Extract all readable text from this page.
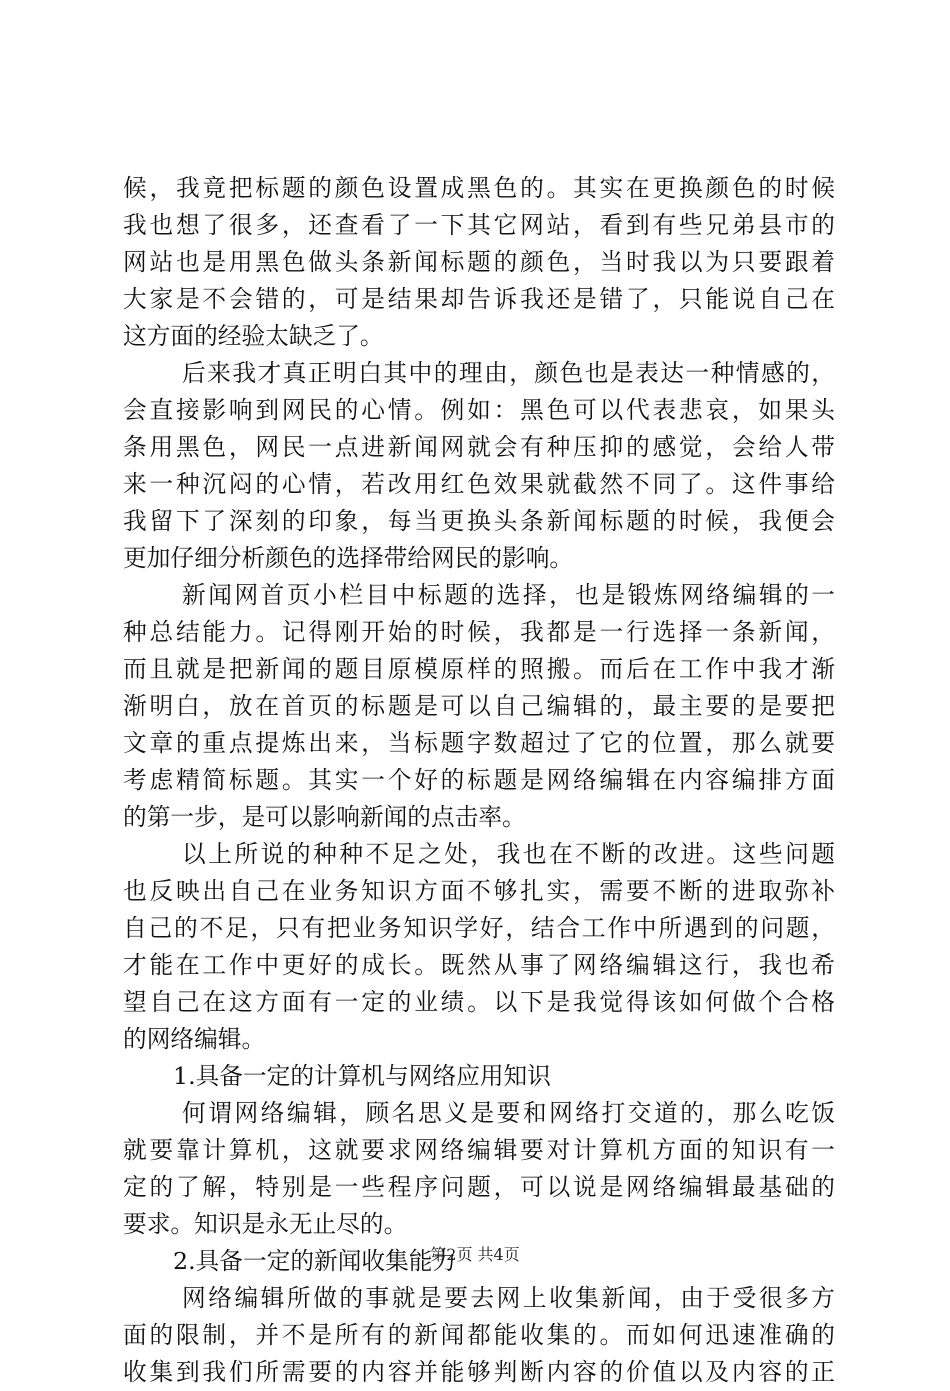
候，我竟把标题的颜色设置成黑色的。其实在更换颜色的时候
我也想了很多，还查看了一下其它网站，看到有些兄弟县市的
网站也是用黑色做头条新闻标题的颜色，当时我以为只要跟着
大家是不会错的，可是结果却告诉我还是错了，只能说自己在
这方面的经验太缺乏了。
后来我才真正明白其中的理由，颜色也是表达一种情感的，
会直接影响到网民的心情。例如：黑色可以代表悲哀，如果头
条用黑色，网民一点进新闻网就会有种压抑的感觉，会给人带
来一种沉闷的心情，若改用红色效果就截然不同了。这件事给
我留下了深刻的印象，每当更换头条新闻标题的时候，我便会
更加仔细分析颜色的选择带给网民的影响。
新闻网首页小栏目中标题的选择，也是锻炼网络编辑的一
种总结能力。记得刚开始的时候，我都是一行选择一条新闻，
而且就是把新闻的题目原模原样的照搬。而后在工作中我才渐
渐明白，放在首页的标题是可以自己编辑的，最主要的是要把
文章的重点提炼出来，当标题字数超过了它的位置，那么就要
考虑精简标题。其实一个好的标题是网络编辑在内容编排方面
的第一步，是可以影响新闻的点击率。
以上所说的种种不足之处，我也在不断的改进。这些问题
也反映出自己在业务知识方面不够扎实，需要不断的进取弥补
自己的不足，只有把业务知识学好，结合工作中所遇到的问题，
才能在工作中更好的成长。既然从事了网络编辑这行，我也希
望自己在这方面有一定的业绩。以下是我觉得该如何做个合格
的网络编辑。
1.具备一定的计算机与网络应用知识
何谓网络编辑，顾名思义是要和网络打交道的，那么吃饭
就要靠计算机，这就要求网络编辑要对计算机方面的知识有一
定的了解，特别是一些程序问题，可以说是网络编辑最基础的
要求。知识是永无止尽的。
2.具备一定的新闻收集能力
网络编辑所做的事就是要去网上收集新闻，由于受很多方
面的限制，并不是所有的新闻都能收集的。而如何迅速准确的
收集到我们所需要的内容并能够判断内容的价值以及内容的正
第2页 共4页
